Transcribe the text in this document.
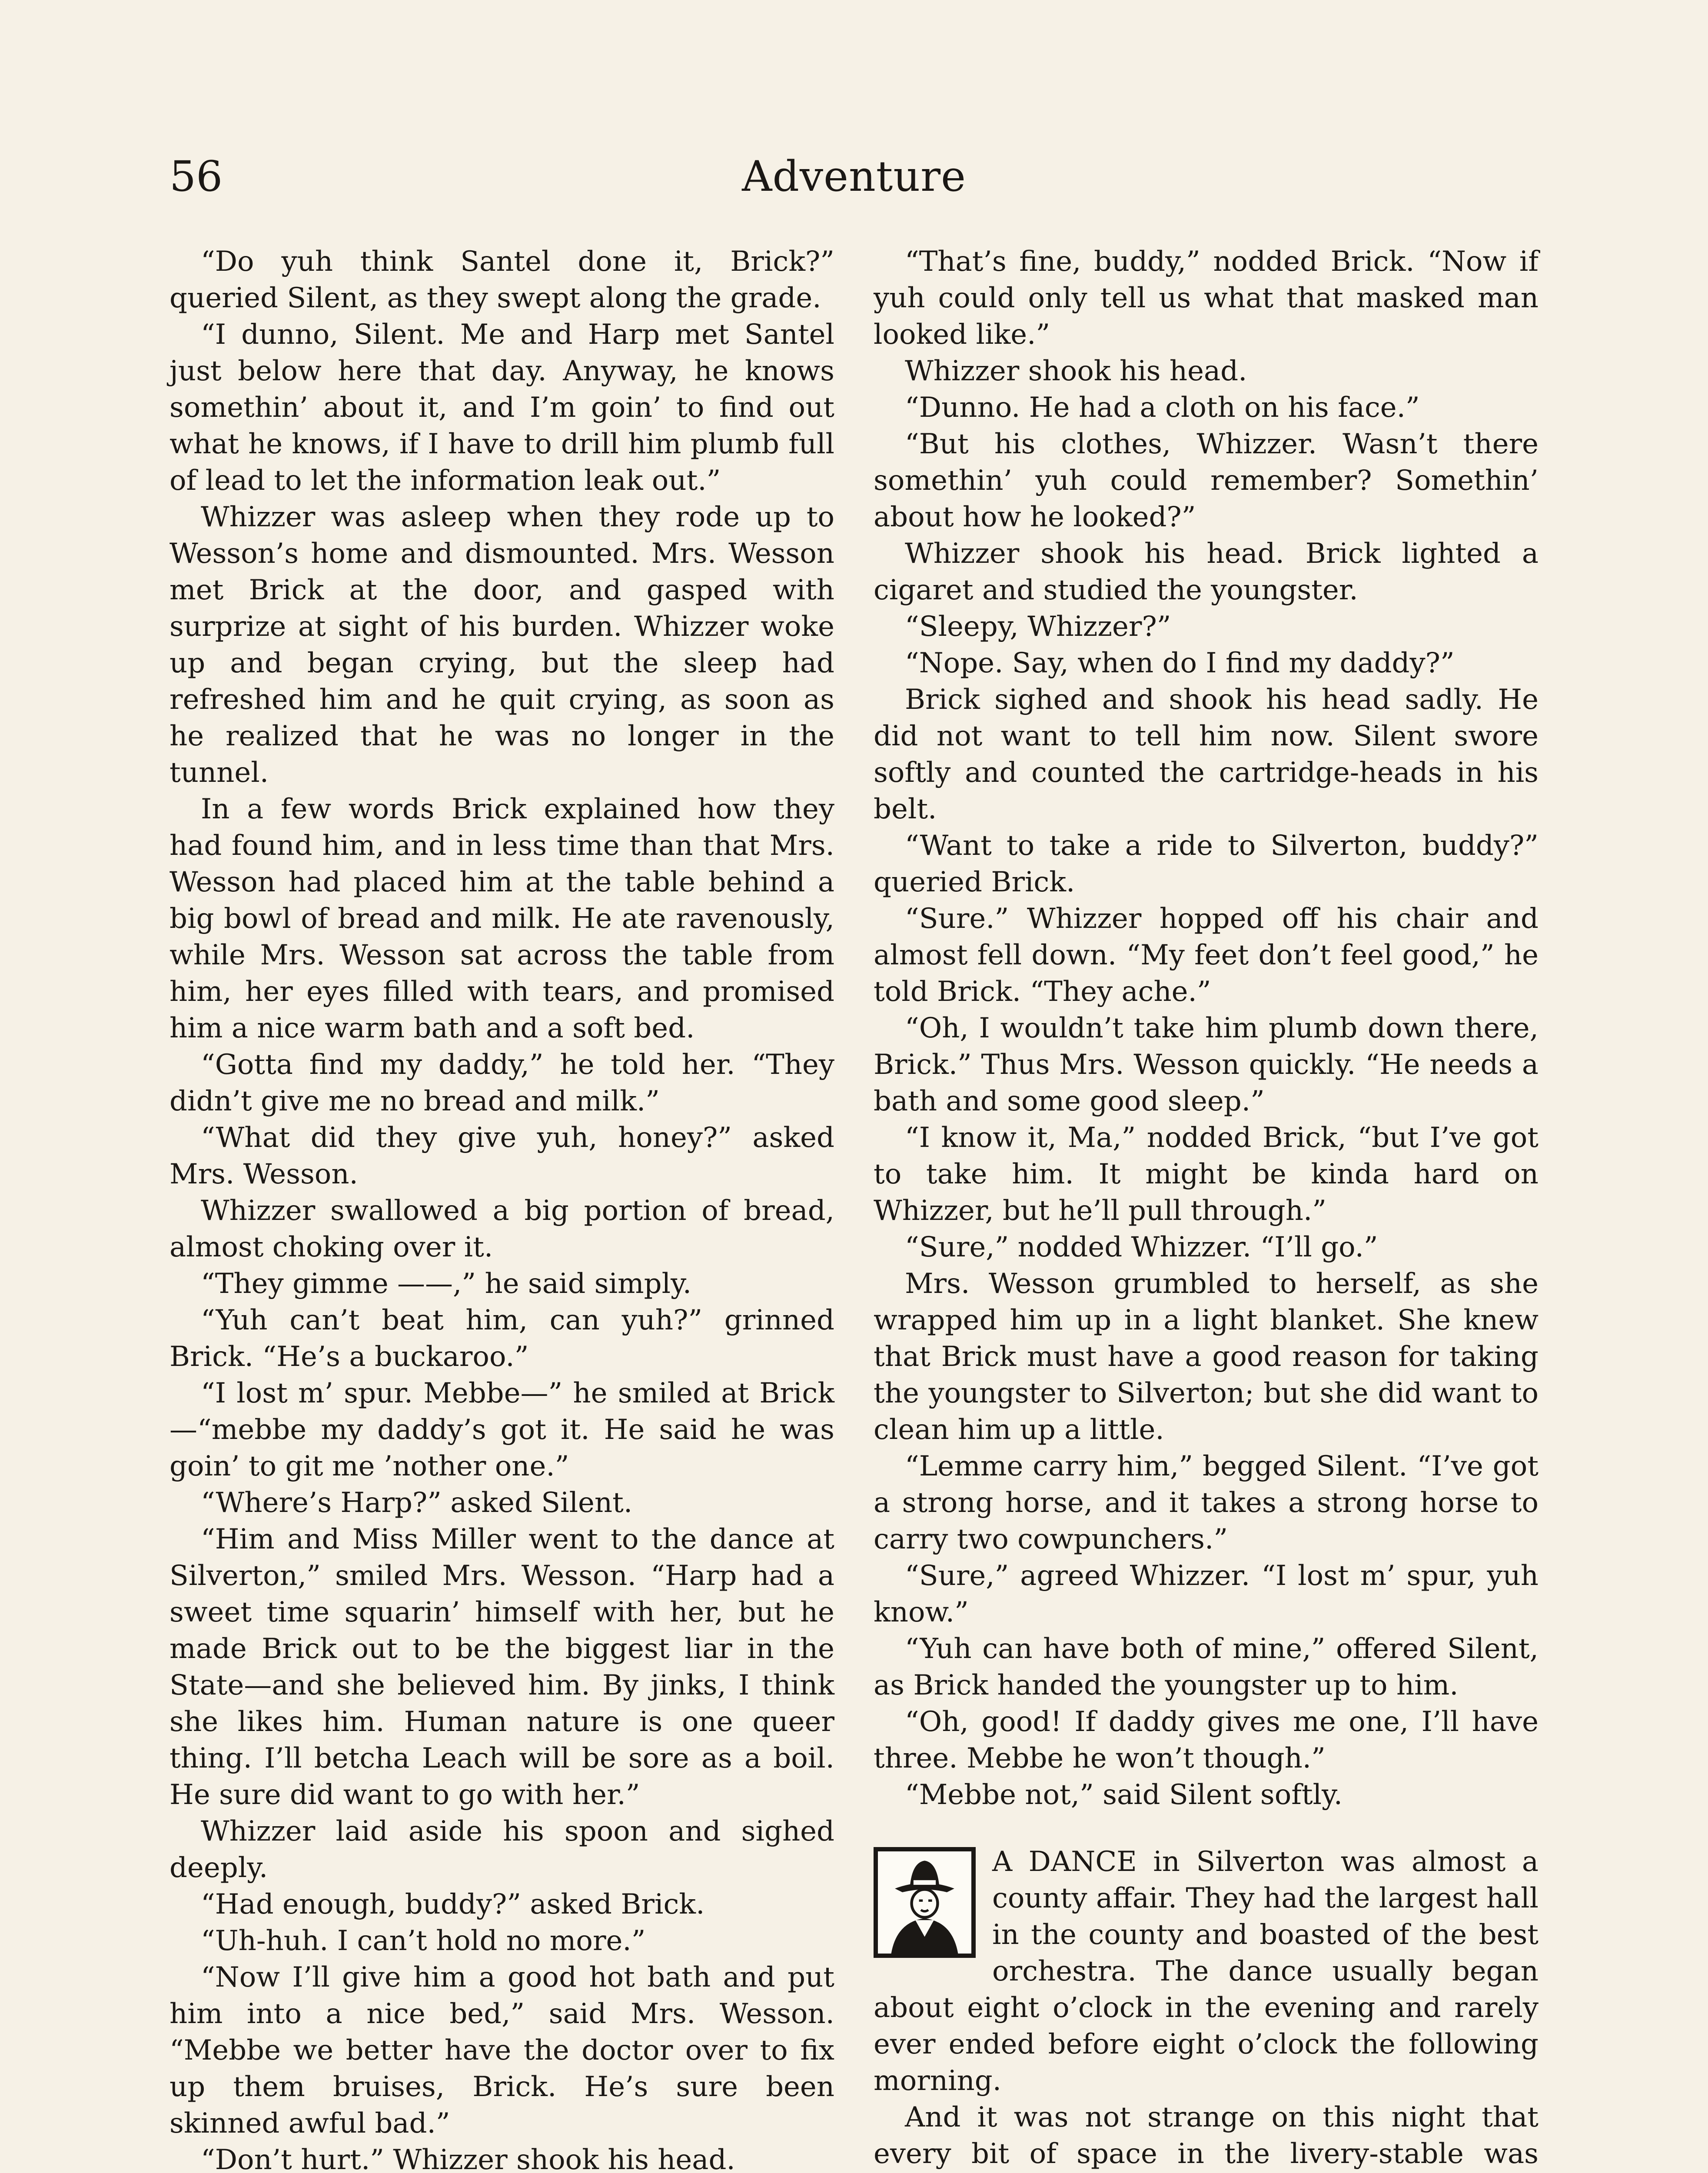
56	Adventure

“Do yuh think Santel done it, Brick?” queried Silent, as they swept along the grade.

“I dunno, Silent. Me and Harp met Santel just below here that day. Anyway, he knows somethin’ about it, and I’m goin’ to find out what he knows, if I have to drill him plumb full of lead to let the information leak out.”

Whizzer was asleep when they rode up to Wesson’s home and dismounted. Mrs. Wesson met Brick at the door, and gasped with surprize at sight of his burden. Whizzer woke up and began crying, but the sleep had refreshed him and he quit crying, as soon as he realized that he was no longer in the tunnel.

In a few words Brick explained how they had found him, and in less time than that Mrs. Wesson had placed him at the table behind a big bowl of bread and milk. He ate ravenously, while Mrs. Wesson sat across the table from him, her eyes filled with tears, and promised him a nice warm bath and a soft bed.

“Gotta find my daddy,” he told her. “They didn’t give me no bread and milk.”

“What did they give yuh, honey?” asked Mrs. Wesson.

Whizzer swallowed a big portion of bread, almost choking over it.

“They gimme ——,” he said simply.

“Yuh can’t beat him, can yuh?” grinned Brick. “He’s a buckaroo.”

“I lost m’ spur. Mebbe—” he smiled at Brick—“mebbe my daddy’s got it. He said he was goin’ to git me ’nother one.”

“Where’s Harp?” asked Silent.

“Him and Miss Miller went to the dance at Silverton,” smiled Mrs. Wesson. “Harp had a sweet time squarin’ himself with her, but he made Brick out to be the biggest liar in the State—and she believed him. By jinks, I think she likes him. Human nature is one queer thing. I’ll betcha Leach will be sore as a boil. He sure did want to go with her.”

Whizzer laid aside his spoon and sighed deeply.

“Had enough, buddy?” asked Brick.

“Uh-huh. I can’t hold no more.”

“Now I’ll give him a good hot bath and put him into a nice bed,” said Mrs. Wesson. “Mebbe we better have the doctor over to fix up them bruises, Brick. He’s sure been skinned awful bad.”

“Don’t hurt.” Whizzer shook his head.

“That’s fine, buddy,” nodded Brick. “Now if yuh could only tell us what that masked man looked like.”

Whizzer shook his head.

“Dunno. He had a cloth on his face.”

“But his clothes, Whizzer. Wasn’t there somethin’ yuh could remember? Somethin’ about how he looked?”

Whizzer shook his head. Brick lighted a cigaret and studied the youngster.

“Sleepy, Whizzer?”

“Nope. Say, when do I find my daddy?”

Brick sighed and shook his head sadly. He did not want to tell him now. Silent swore softly and counted the cartridge-heads in his belt.

“Want to take a ride to Silverton, buddy?” queried Brick.

“Sure.” Whizzer hopped off his chair and almost fell down. “My feet don’t feel good,” he told Brick. “They ache.”

“Oh, I wouldn’t take him plumb down there, Brick.” Thus Mrs. Wesson quickly. “He needs a bath and some good sleep.”

“I know it, Ma,” nodded Brick, “but I’ve got to take him. It might be kinda hard on Whizzer, but he’ll pull through.”

“Sure,” nodded Whizzer. “I’ll go.”

Mrs. Wesson grumbled to herself, as she wrapped him up in a light blanket. She knew that Brick must have a good reason for taking the youngster to Silverton; but she did want to clean him up a little.

“Lemme carry him,” begged Silent. “I’ve got a strong horse, and it takes a strong horse to carry two cowpunchers.”

“Sure,” agreed Whizzer. “I lost m’ spur, yuh know.”

“Yuh can have both of mine,” offered Silent, as Brick handed the youngster up to him.

“Oh, good! If daddy gives me one, I’ll have three. Mebbe he won’t though.”

“Mebbe not,” said Silent softly.

A DANCE in Silverton was almost a county affair. They had the largest hall in the county and boasted of the best orchestra. The dance usually began about eight o’clock in the evening and rarely ever ended before eight o’clock the following morning.

And it was not strange on this night that every bit of space in the livery-stable was
